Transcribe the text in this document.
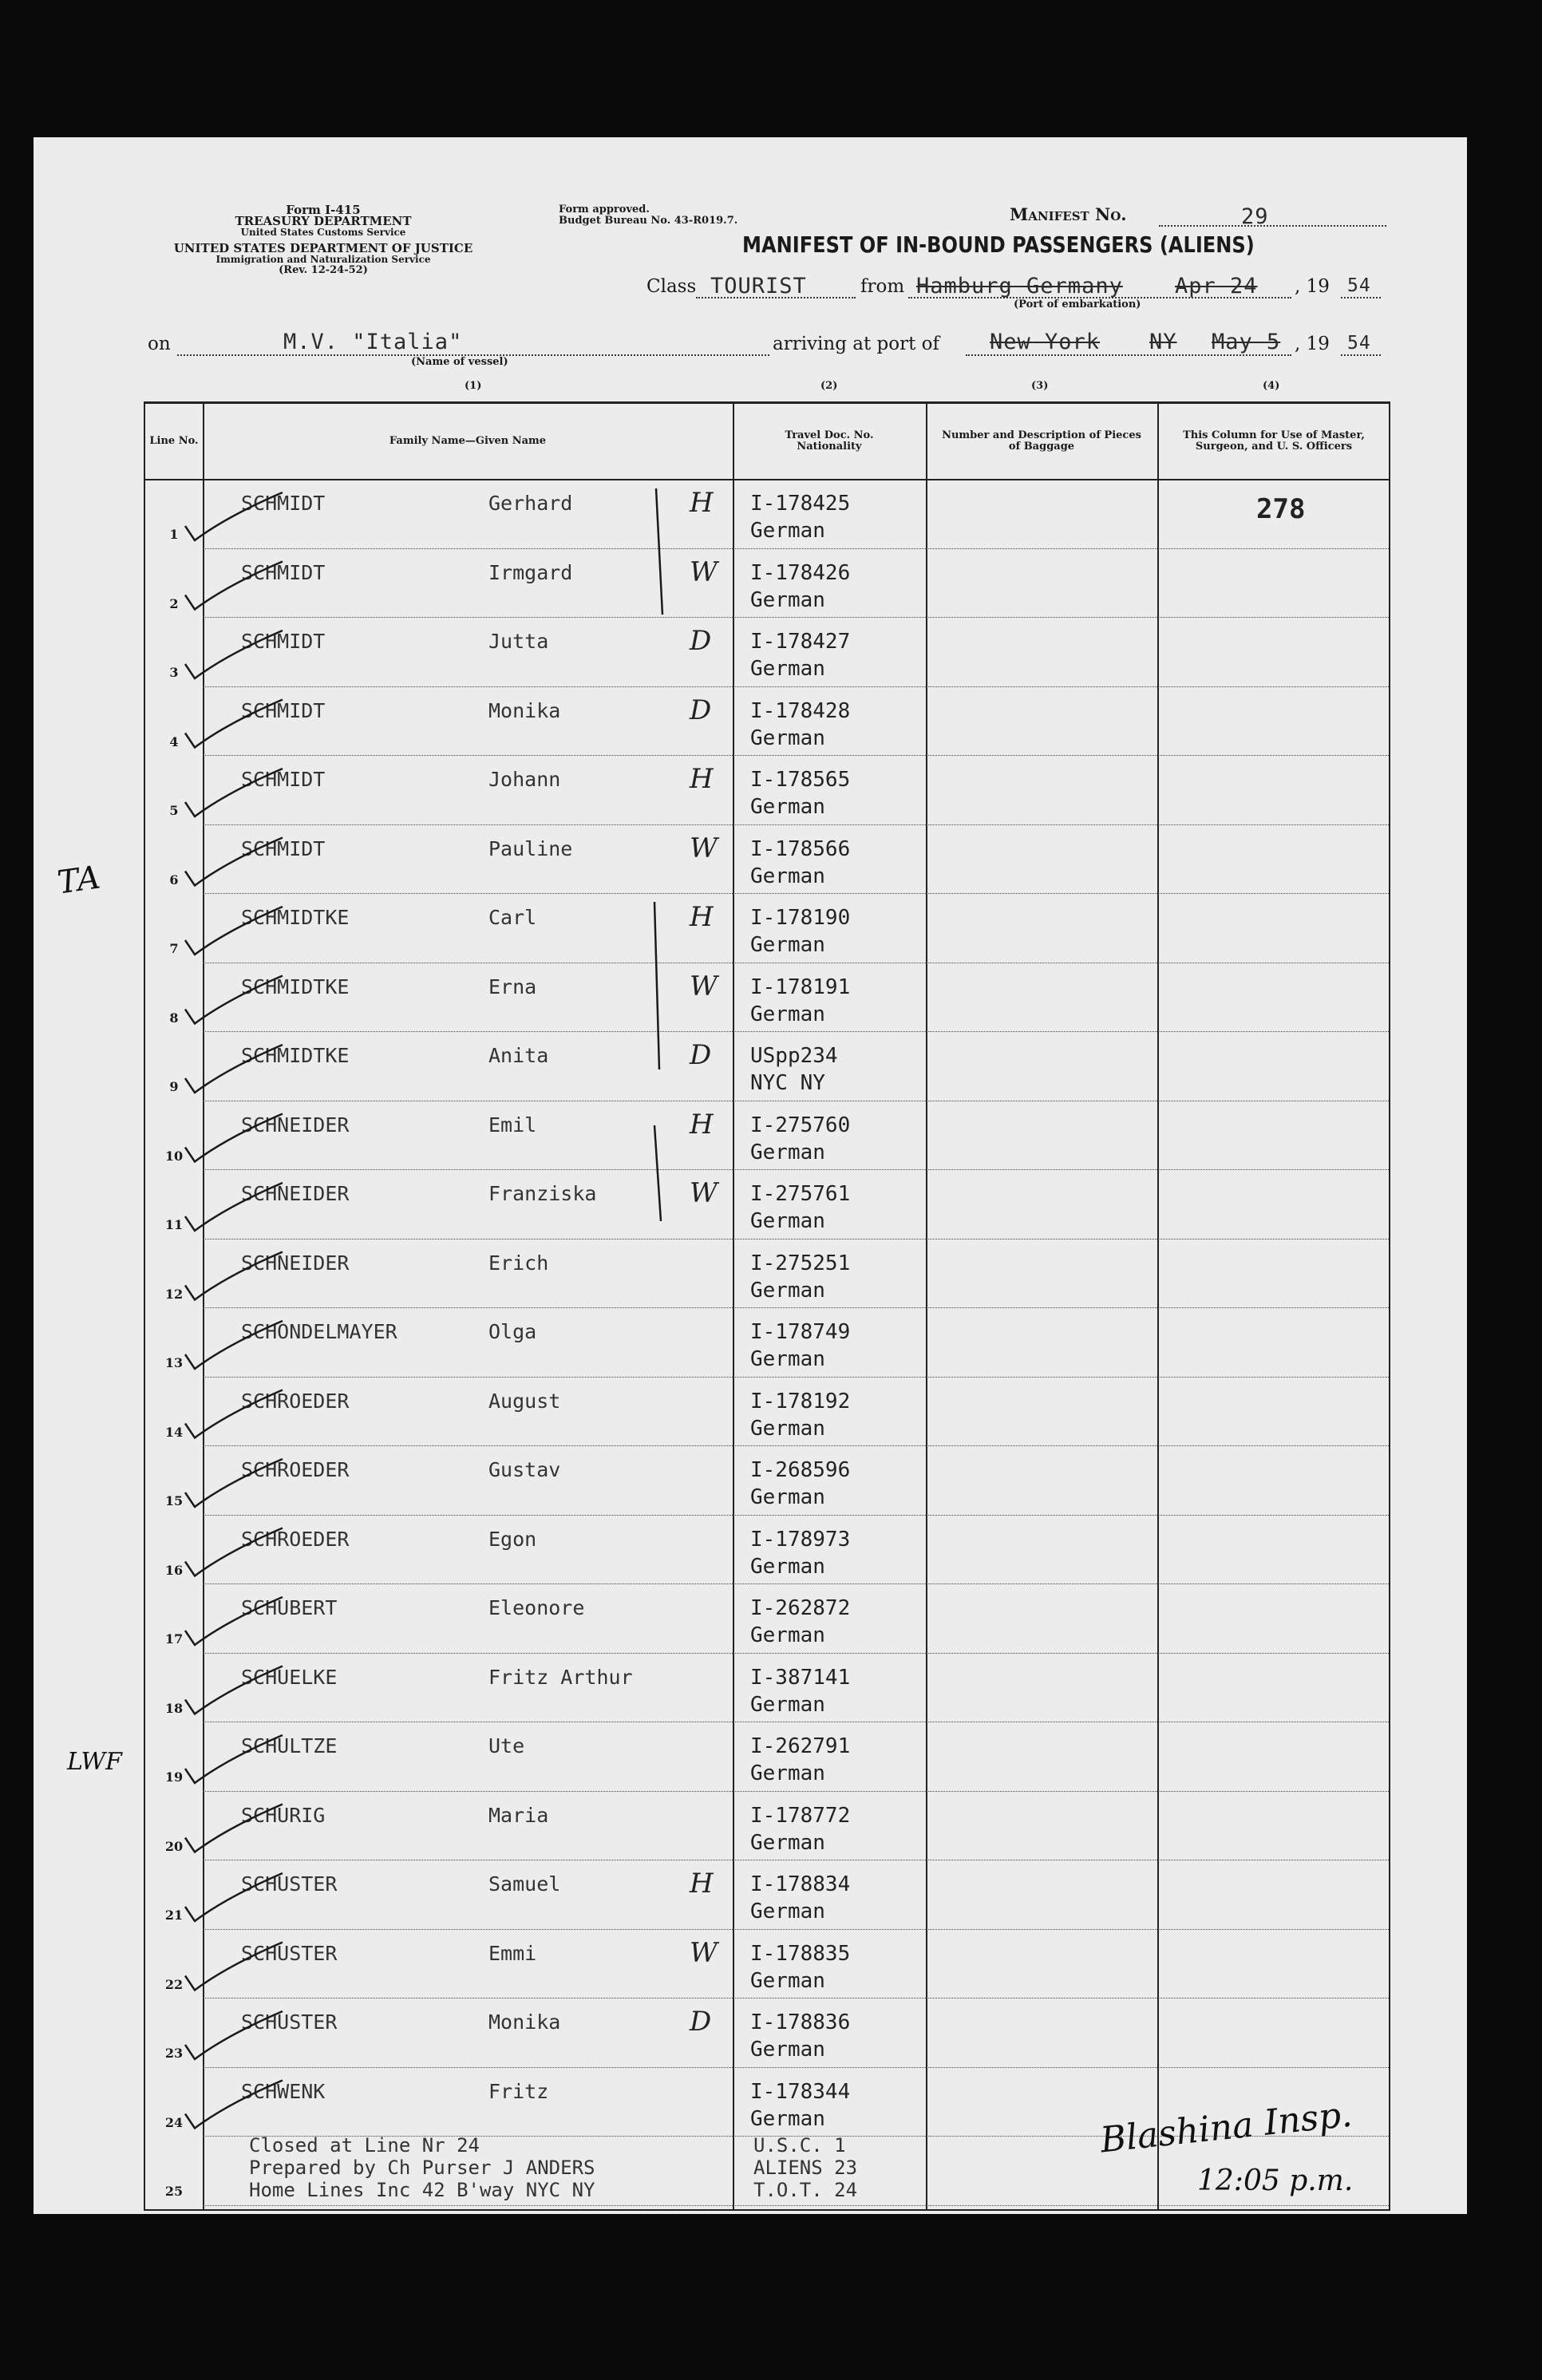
Form I-415
TREASURY DEPARTMENT
United States Customs Service
UNITED STATES DEPARTMENT OF JUSTICE
Immigration and Naturalization Service
(Rev. 12-24-52)
Form approved.
Budget Bureau No. 43-R019.7.	Manifest No.	29
MANIFEST OF IN-BOUND PASSENGERS (ALIENS)
Class TOURIST	from Hamburg Germany Apr 24 , 19 54
(Port of embarkation)
on	M.V. "Italia"
(Name of vessel)
arriving at port of New York NY May 5 , 19 54
(1)	(2)	(3)	(4)
Line No.	Family Name—Given Name	Travel Doc. No. Nationality
Number and Description of Pieces of Baggage
This Column for Use of Master, Surgeon, and U. S. Officers
278
1
SCHMIDT	Gerhard	H I-178425
German
2
SCHMIDT	Irmgard	W I-178426
German
3
SCHMIDT	Jutta	D I-178427
German
4
SCHMIDT	Monika	D I-178428
German
5
SCHMIDT	Johann	H I-178565
German
6
SCHMIDT	Pauline	W I-178566
German
7
SCHMIDTKE	Carl	H I-178190
German
8
SCHMIDTKE	Erna	W I-178191
German
9
SCHMIDTKE	Anita	D USpp234
NYC NY
10
SCHNEIDER	Emil	H I-275760
German
11
SCHNEIDER	Franziska	W I-275761
German
12
SCHNEIDER	Erich	I-275251
German
13
SCHONDELMAYER	Olga	I-178749
German
14
SCHROEDER	August	I-178192
German
15
SCHROEDER	Gustav	I-268596
German
16
SCHROEDER	Egon	I-178973
German
17
SCHUBERT	Eleonore	I-262872
German
18
SCHUELKE	Fritz Arthur	I-387141
German
19
SCHULTZE	Ute	I-262791
German
20
SCHURIG	Maria	I-178772
German
21
SCHUSTER	Samuel	H I-178834
German
22
SCHUSTER	Emmi	W I-178835
German
23
SCHUSTER	Monika	D I-178836
German
24
SCHWENK	Fritz	I-178344
German
25
Closed at Line Nr 24
Prepared by Ch Purser J ANDERS
Home Lines Inc 42 B'way NYC NY
U.S.C. 1
ALIENS 23
T.O.T. 24
TA
LWF
Blashina Insp.
12:05 p.m.
